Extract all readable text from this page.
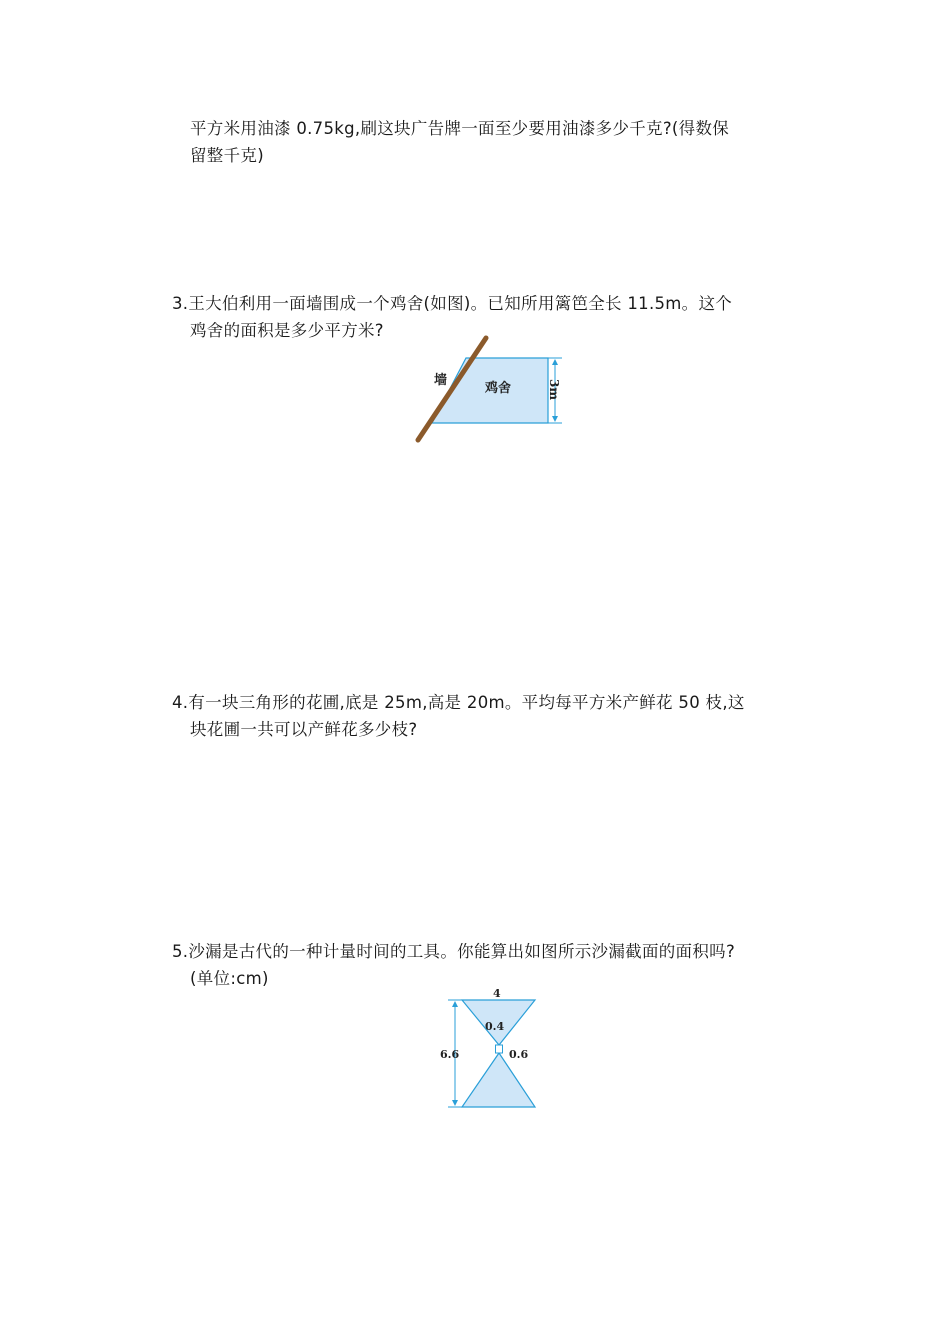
平方米用油漆 0.75kg,刷这块广告牌一面至少要用油漆多少千克?(得数保
留整千克)
3.王大伯利用一面墙围成一个鸡舍(如图)。已知所用篱笆全长 11.5m。这个
鸡舍的面积是多少平方米?
墙
鸡舍	3m
4.有一块三角形的花圃,底是 25m,高是 20m。平均每平方米产鲜花 50 枝,这
块花圃一共可以产鲜花多少枝?
5.沙漏是古代的一种计量时间的工具。你能算出如图所示沙漏截面的面积吗?
(单位:cm)
4
0.4
0.6
6.6
